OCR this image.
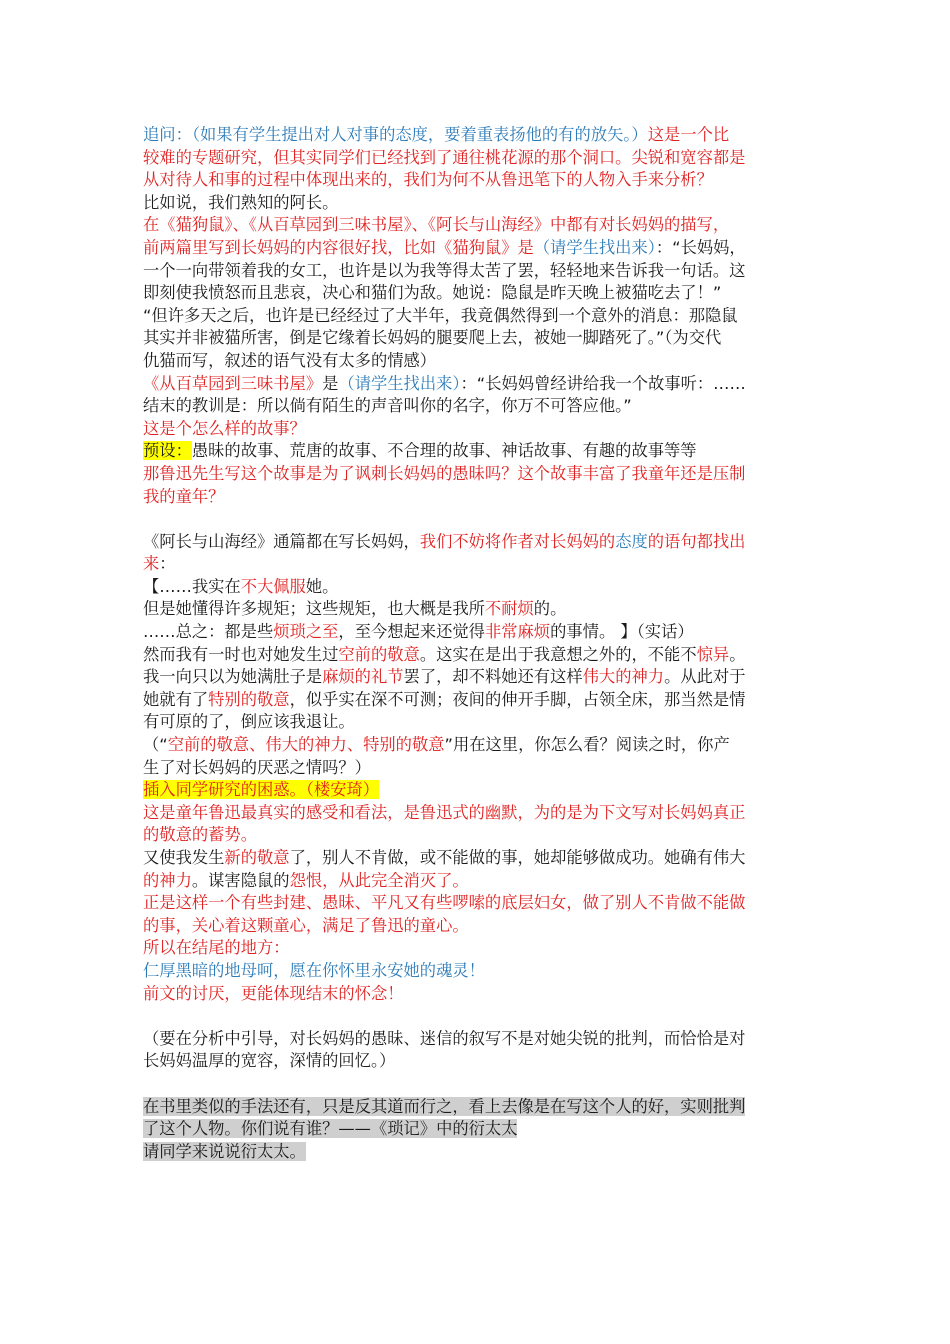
追问：（如果有学生提出对人对事的态度，要着重表扬他的有的放矢。）这是一个比
较难的专题研究，但其实同学们已经找到了通往桃花源的那个洞口。尖锐和宽容都是
从对待人和事的过程中体现出来的，我们为何不从鲁迅笔下的人物入手来分析？
比如说，我们熟知的阿长。
在《猫狗鼠》、《从百草园到三味书屋》、《阿长与山海经》中都有对长妈妈的描写，
前两篇里写到长妈妈的内容很好找，比如《猫狗鼠》是（请学生找出来）：“长妈妈，
一个一向带领着我的女工，也许是以为我等得太苦了罢，轻轻地来告诉我一句话。这
即刻使我愤怒而且悲哀，决心和猫们为敌。她说：隐鼠是昨天晚上被猫吃去了！”
“但许多天之后，也许是已经经过了大半年，我竟偶然得到一个意外的消息：那隐鼠
其实并非被猫所害，倒是它缘着长妈妈的腿要爬上去，被她一脚踏死了。”（为交代
仇猫而写，叙述的语气没有太多的情感）
《从百草园到三味书屋》是（请学生找出来）：“长妈妈曾经讲给我一个故事听：……
结末的教训是：所以倘有陌生的声音叫你的名字，你万不可答应他。”
这是个怎么样的故事？
预设：愚昧的故事、荒唐的故事、不合理的故事、神话故事、有趣的故事等等
那鲁迅先生写这个故事是为了讽刺长妈妈的愚昧吗？这个故事丰富了我童年还是压制
我的童年？
《阿长与山海经》通篇都在写长妈妈，我们不妨将作者对长妈妈的态度的语句都找出
来：
【……我实在不大佩服她。
但是她懂得许多规矩；这些规矩，也大概是我所不耐烦的。
……总之：都是些烦琐之至，至今想起来还觉得非常麻烦的事情。 】（实话）
然而我有一时也对她发生过空前的敬意。这实在是出于我意想之外的，不能不惊异。
我一向只以为她满肚子是麻烦的礼节罢了，却不料她还有这样伟大的神力。从此对于
她就有了特别的敬意，似乎实在深不可测；夜间的伸开手脚，占领全床，那当然是情
有可原的了，倒应该我退让。
（“空前的敬意、伟大的神力、特别的敬意”用在这里，你怎么看？阅读之时，你产
生了对长妈妈的厌恶之情吗？）
插入同学研究的困惑。（楼安琦）
这是童年鲁迅最真实的感受和看法，是鲁迅式的幽默，为的是为下文写对长妈妈真正
的敬意的蓄势。
又使我发生新的敬意了，别人不肯做，或不能做的事，她却能够做成功。她确有伟大
的神力。谋害隐鼠的怨恨，从此完全消灭了。
正是这样一个有些封建、愚昧、平凡又有些啰嗦的底层妇女，做了别人不肯做不能做
的事，关心着这颗童心，满足了鲁迅的童心。
所以在结尾的地方：
仁厚黑暗的地母呵，愿在你怀里永安她的魂灵！
前文的讨厌，更能体现结末的怀念！
（要在分析中引导，对长妈妈的愚昧、迷信的叙写不是对她尖锐的批判，而恰恰是对
长妈妈温厚的宽容，深情的回忆。）
在书里类似的手法还有，只是反其道而行之，看上去像是在写这个人的好，实则批判
了这个人物。你们说有谁？——《琐记》中的衍太太
请同学来说说衍太太。
